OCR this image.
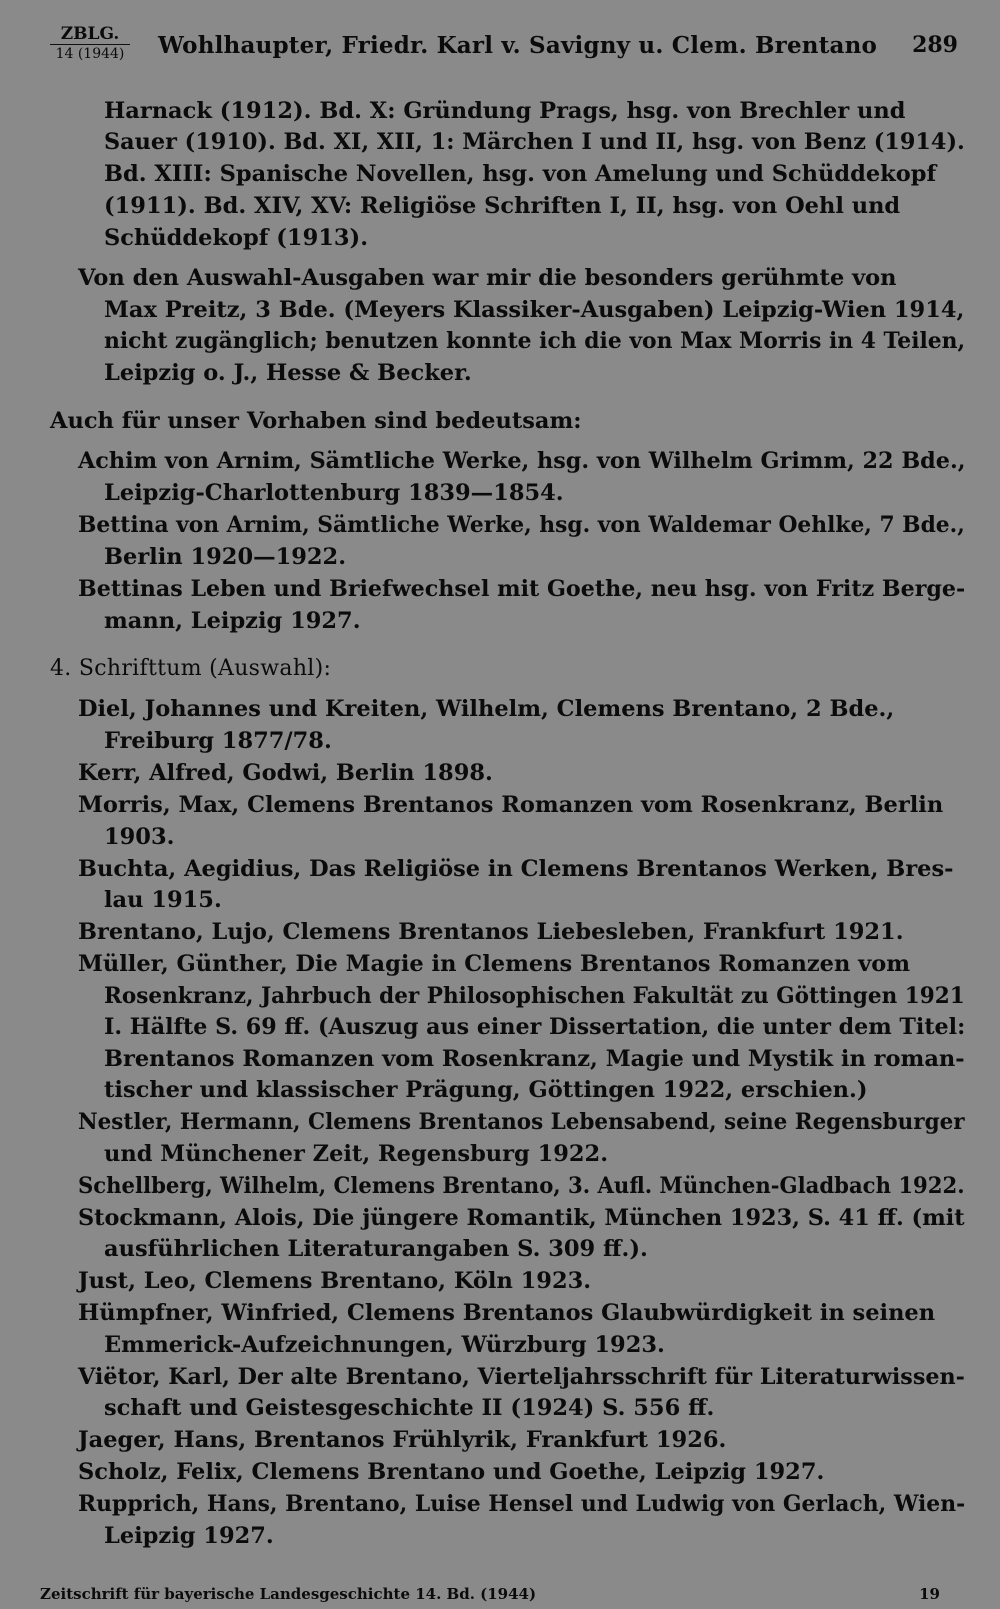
ZBLG.
14 (1944) Wohlhaupter, Friedr. Karl v. Savigny u. Clem. Brentano 289
Harnack (1912). Bd. X: Gründung Prags, hsg. von Brechler und
Sauer (1910). Bd. XI, XII, 1: Märchen I und II, hsg. von Benz (1914).
Bd. XIII: Spanische Novellen, hsg. von Amelung und Schüddekopf
(1911). Bd. XIV, XV: Religiöse Schriften I, II, hsg. von Oehl und
Schüddekopf (1913).
Von den Auswahl-Ausgaben war mir die besonders gerühmte von
Max Preitz, 3 Bde. (Meyers Klassiker-Ausgaben) Leipzig-Wien 1914,
nicht zugänglich; benutzen konnte ich die von Max Morris in 4 Teilen,
Leipzig o. J., Hesse & Becker.
Auch für unser Vorhaben sind bedeutsam:
Achim von Arnim, Sämtliche Werke, hsg. von Wilhelm Grimm, 22 Bde.,
Leipzig-Charlottenburg 1839—1854.
Bettina von Arnim, Sämtliche Werke, hsg. von Waldemar Oehlke, 7 Bde.,
Berlin 1920—1922.
Bettinas Leben und Briefwechsel mit Goethe, neu hsg. von Fritz Berge-
mann, Leipzig 1927.
4. Schrifttum (Auswahl):
Diel, Johannes und Kreiten, Wilhelm, Clemens Brentano, 2 Bde.,
Freiburg 1877/78.
Kerr, Alfred, Godwi, Berlin 1898.
Morris, Max, Clemens Brentanos Romanzen vom Rosenkranz, Berlin
1903.
Buchta, Aegidius, Das Religiöse in Clemens Brentanos Werken, Bres-
lau 1915.
Brentano, Lujo, Clemens Brentanos Liebesleben, Frankfurt 1921.
Müller, Günther, Die Magie in Clemens Brentanos Romanzen vom
Rosenkranz, Jahrbuch der Philosophischen Fakultät zu Göttingen 1921
I. Hälfte S. 69 ff. (Auszug aus einer Dissertation, die unter dem Titel:
Brentanos Romanzen vom Rosenkranz, Magie und Mystik in roman-
tischer und klassischer Prägung, Göttingen 1922, erschien.)
Nestler, Hermann, Clemens Brentanos Lebensabend, seine Regensburger
und Münchener Zeit, Regensburg 1922.
Schellberg, Wilhelm, Clemens Brentano, 3. Aufl. München-Gladbach 1922.
Stockmann, Alois, Die jüngere Romantik, München 1923, S. 41 ff. (mit
ausführlichen Literaturangaben S. 309 ff.).
Just, Leo, Clemens Brentano, Köln 1923.
Hümpfner, Winfried, Clemens Brentanos Glaubwürdigkeit in seinen
Emmerick-Aufzeichnungen, Würzburg 1923.
Viëtor, Karl, Der alte Brentano, Vierteljahrsschrift für Literaturwissen-
schaft und Geistesgeschichte II (1924) S. 556 ff.
Jaeger, Hans, Brentanos Frühlyrik, Frankfurt 1926.
Scholz, Felix, Clemens Brentano und Goethe, Leipzig 1927.
Rupprich, Hans, Brentano, Luise Hensel und Ludwig von Gerlach, Wien-
Leipzig 1927.
Zeitschrift für bayerische Landesgeschichte 14. Bd. (1944)	19
